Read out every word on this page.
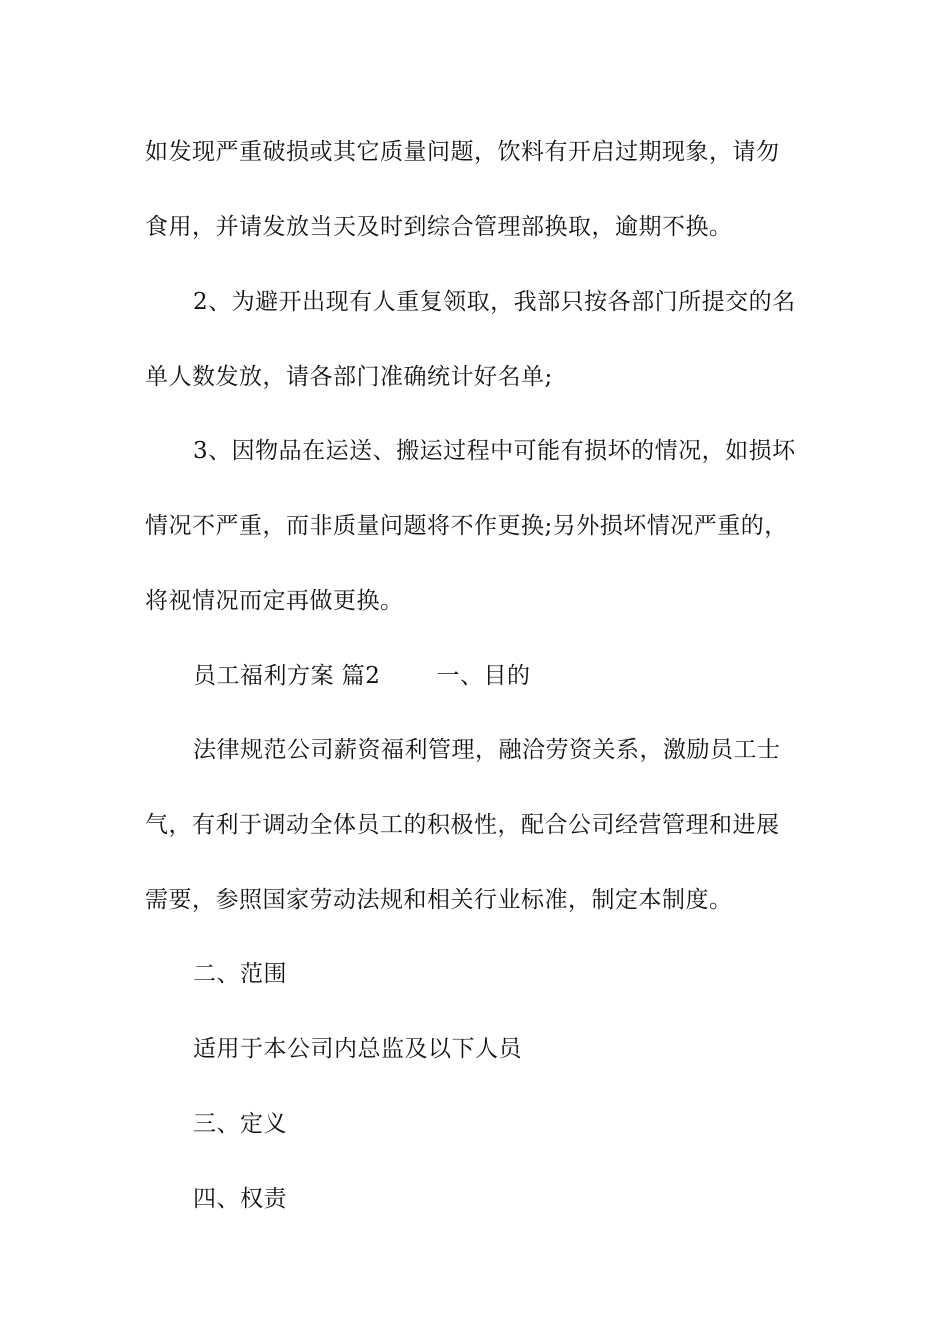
如发现严重破损或其它质量问题，饮料有开启过期现象，请勿
食用，并请发放当天及时到综合管理部换取，逾期不换。
2、为避开出现有人重复领取，我部只按各部门所提交的名
单人数发放，请各部门准确统计好名单;
3、因物品在运送、搬运过程中可能有损坏的情况，如损坏
情况不严重，而非质量问题将不作更换;另外损坏情况严重的，
将视情况而定再做更换。
员工福利方案 篇2 一、目的
法律规范公司薪资福利管理，融洽劳资关系，激励员工士
气，有利于调动全体员工的积极性，配合公司经营管理和进展
需要，参照国家劳动法规和相关行业标准，制定本制度。
二、范围
适用于本公司内总监及以下人员
三、定义
四、权责
